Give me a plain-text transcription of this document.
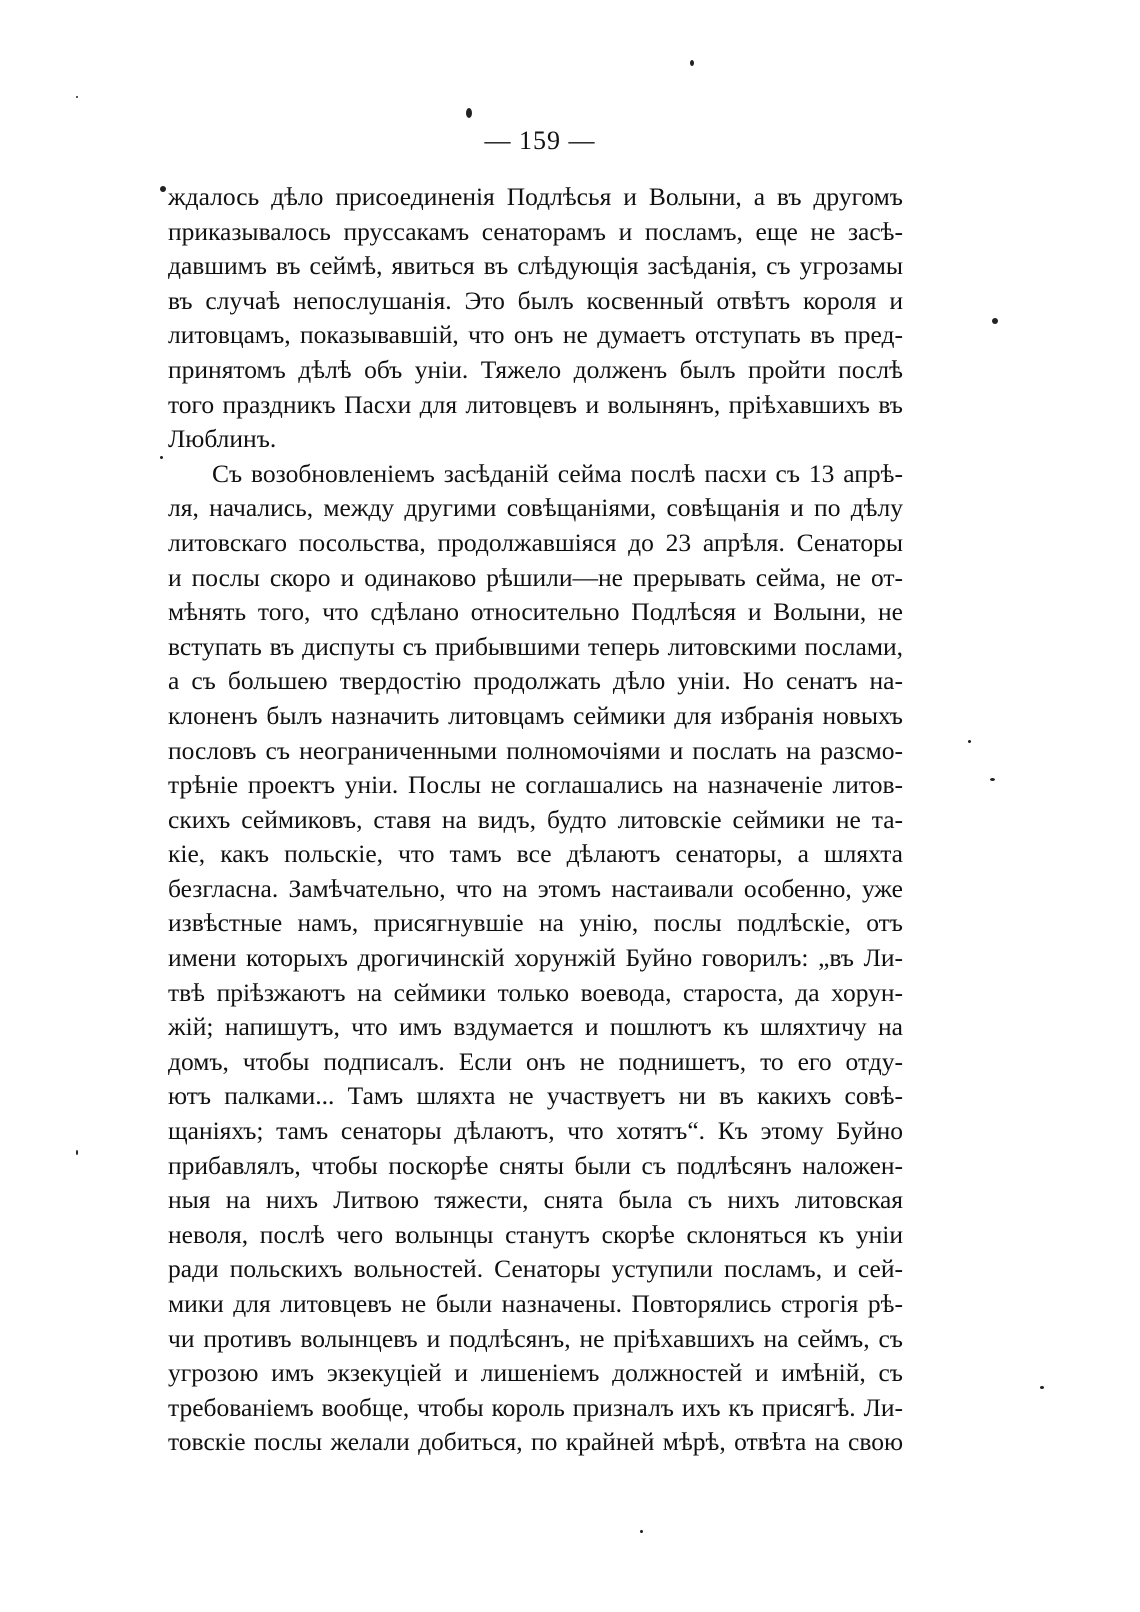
— 159 —
ждалось дѣло присоединенія Подлѣсья и Волыни, а въ другомъ
приказывалось пруссакамъ сенаторамъ и посламъ, еще не засѣ-
давшимъ въ сеймѣ, явиться въ слѣдующія засѣданія, съ угрозамы
въ случаѣ непослушанія. Это былъ косвенный отвѣтъ короля и
литовцамъ, показывавшій, что онъ не думаетъ отступать въ пред-
принятомъ дѣлѣ объ уніи. Тяжело долженъ былъ пройти послѣ
того праздникъ Пасхи для литовцевъ и волынянъ, пріѣхавшихъ въ
Люблинъ.
Съ возобновленіемъ засѣданій сейма послѣ пасхи съ 13 апрѣ-
ля, начались, между другими совѣщаніями, совѣщанія и по дѣлу
литовскаго посольства, продолжавшіяся до 23 апрѣля. Сенаторы
и послы скоро и одинаково рѣшили—не прерывать сейма, не от-
мѣнять того, что сдѣлано относительно Подлѣсяя и Волыни, не
вступать въ диспуты съ прибывшими теперь литовскими послами,
а съ большею твердостію продолжать дѣло уніи. Но сенатъ на-
клоненъ былъ назначить литовцамъ сеймики для избранія новыхъ
пословъ съ неограниченными полномочіями и послать на разсмо-
трѣніе проектъ уніи. Послы не соглашались на назначеніе литов-
скихъ сеймиковъ, ставя на видъ, будто литовскіе сеймики не та-
кіе, какъ польскіе, что тамъ все дѣлаютъ сенаторы, а шляхта
безгласна. Замѣчательно, что на этомъ настаивали особенно, уже
извѣстные намъ, присягнувшіе на унію, послы подлѣскіе, отъ
имени которыхъ дрогичинскій хорунжій Буйно говорилъ: „въ Ли-
твѣ пріѣзжаютъ на сеймики только воевода, староста, да хорун-
жій; напишутъ, что имъ вздумается и пошлютъ къ шляхтичу на
домъ, чтобы подписалъ. Если онъ не поднишетъ, то его отду-
ютъ палками... Тамъ шляхта не участвуетъ ни въ какихъ совѣ-
щаніяхъ; тамъ сенаторы дѣлаютъ, что хотятъ“. Къ этому Буйно
прибавлялъ, чтобы поскорѣе сняты были съ подлѣсянъ наложен-
ныя на нихъ Литвою тяжести, снята была съ нихъ литовская
неволя, послѣ чего волынцы станутъ скорѣе склоняться къ уніи
ради польскихъ вольностей. Сенаторы уступили посламъ, и сей-
мики для литовцевъ не были назначены. Повторялись строгія рѣ-
чи противъ волынцевъ и подлѣсянъ, не пріѣхавшихъ на сеймъ, съ
угрозою имъ экзекуціей и лишеніемъ должностей и имѣній, съ
требованіемъ вообще, чтобы король призналъ ихъ къ присягѣ. Ли-
товскіе послы желали добиться, по крайней мѣрѣ, отвѣта на свою
